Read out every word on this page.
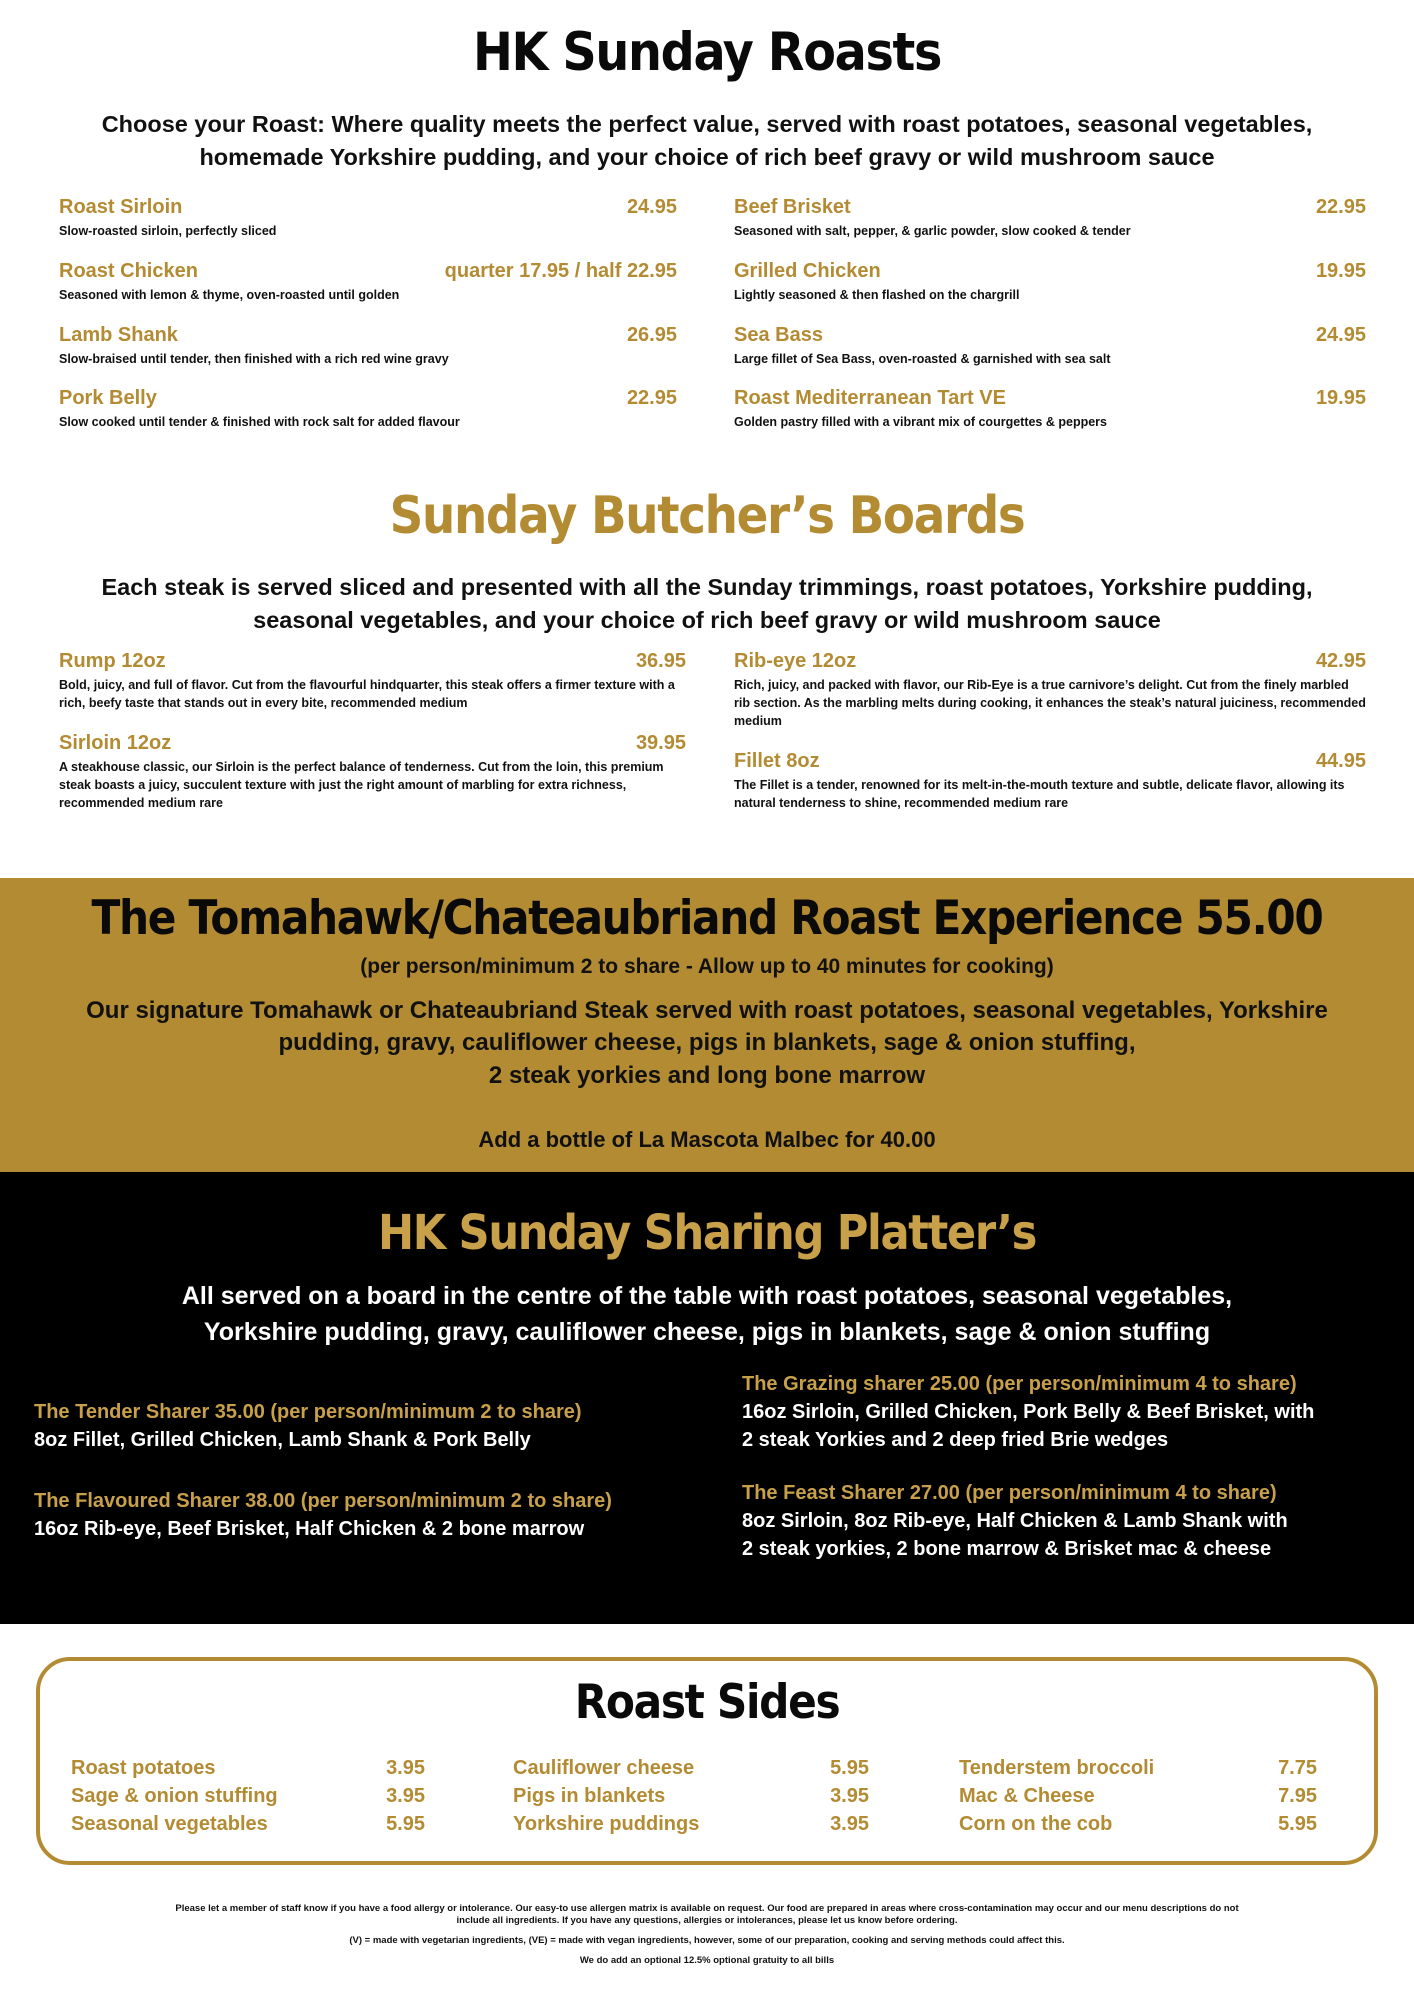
HK Sunday Roasts
Choose your Roast: Where quality meets the perfect value, served with roast potatoes, seasonal vegetables, homemade Yorkshire pudding, and your choice of rich beef gravy or wild mushroom sauce
Roast Sirloin	24.95
Slow-roasted sirloin, perfectly sliced
Roast Chicken	quarter 17.95 / half 22.95
Seasoned with lemon & thyme, oven-roasted until golden
Lamb Shank	26.95
Slow-braised until tender, then finished with a rich red wine gravy
Pork Belly	22.95
Slow cooked until tender & finished with rock salt for added flavour
Beef Brisket	22.95
Seasoned with salt, pepper, & garlic powder, slow cooked & tender
Grilled Chicken	19.95
Lightly seasoned & then flashed on the chargrill
Sea Bass	24.95
Large fillet of Sea Bass, oven-roasted & garnished with sea salt
Roast Mediterranean Tart VE	19.95
Golden pastry filled with a vibrant mix of courgettes & peppers
Sunday Butcher’s Boards
Each steak is served sliced and presented with all the Sunday trimmings, roast potatoes, Yorkshire pudding, seasonal vegetables, and your choice of rich beef gravy or wild mushroom sauce
Rump 12oz	36.95
Bold, juicy, and full of flavor. Cut from the flavourful hindquarter, this steak offers a firmer texture with a rich, beefy taste that stands out in every bite, recommended medium
Sirloin 12oz	39.95
A steakhouse classic, our Sirloin is the perfect balance of tenderness. Cut from the loin, this premium steak boasts a juicy, succulent texture with just the right amount of marbling for extra richness, recommended medium rare
Rib-eye 12oz	42.95
Rich, juicy, and packed with flavor, our Rib-Eye is a true carnivore’s delight. Cut from the finely marbled rib section. As the marbling melts during cooking, it enhances the steak’s natural juiciness, recommended medium
Fillet 8oz	44.95
The Fillet is a tender, renowned for its melt-in-the-mouth texture and subtle, delicate flavor, allowing its natural tenderness to shine, recommended medium rare
The Tomahawk/Chateaubriand Roast Experience 55.00
(per person/minimum 2 to share - Allow up to 40 minutes for cooking)
Our signature Tomahawk or Chateaubriand Steak served with roast potatoes, seasonal vegetables, Yorkshire
pudding, gravy, cauliflower cheese, pigs in blankets, sage & onion stuffing,
2 steak yorkies and long bone marrow
Add a bottle of La Mascota Malbec for 40.00
HK Sunday Sharing Platter’s
All served on a board in the centre of the table with roast potatoes, seasonal vegetables,
Yorkshire pudding, gravy, cauliflower cheese, pigs in blankets, sage & onion stuffing
The Tender Sharer 35.00 (per person/minimum 2 to share)
8oz Fillet, Grilled Chicken, Lamb Shank & Pork Belly
The Flavoured Sharer 38.00 (per person/minimum 2 to share)
16oz Rib-eye, Beef Brisket, Half Chicken & 2 bone marrow
The Grazing sharer 25.00 (per person/minimum 4 to share)
16oz Sirloin, Grilled Chicken, Pork Belly & Beef Brisket, with
2 steak Yorkies and 2 deep fried Brie wedges
The Feast Sharer 27.00 (per person/minimum 4 to share)
8oz Sirloin, 8oz Rib-eye, Half Chicken & Lamb Shank with
2 steak yorkies, 2 bone marrow & Brisket mac & cheese
Roast Sides
Roast potatoes	3.95
Sage & onion stuffing	3.95
Seasonal vegetables	5.95
Cauliflower cheese	5.95
Pigs in blankets	3.95
Yorkshire puddings	3.95
Tenderstem broccoli	7.75
Mac & Cheese	7.95
Corn on the cob	5.95
Please let a member of staff know if you have a food allergy or intolerance. Our easy-to use allergen matrix is available on request. Our food are prepared in areas where cross-contamination may occur and our menu descriptions do not
include all ingredients. If you have any questions, allergies or intolerances, please let us know before ordering.
(V) = made with vegetarian ingredients, (VE) = made with vegan ingredients, however, some of our preparation, cooking and serving methods could affect this.
We do add an optional 12.5% optional gratuity to all bills
